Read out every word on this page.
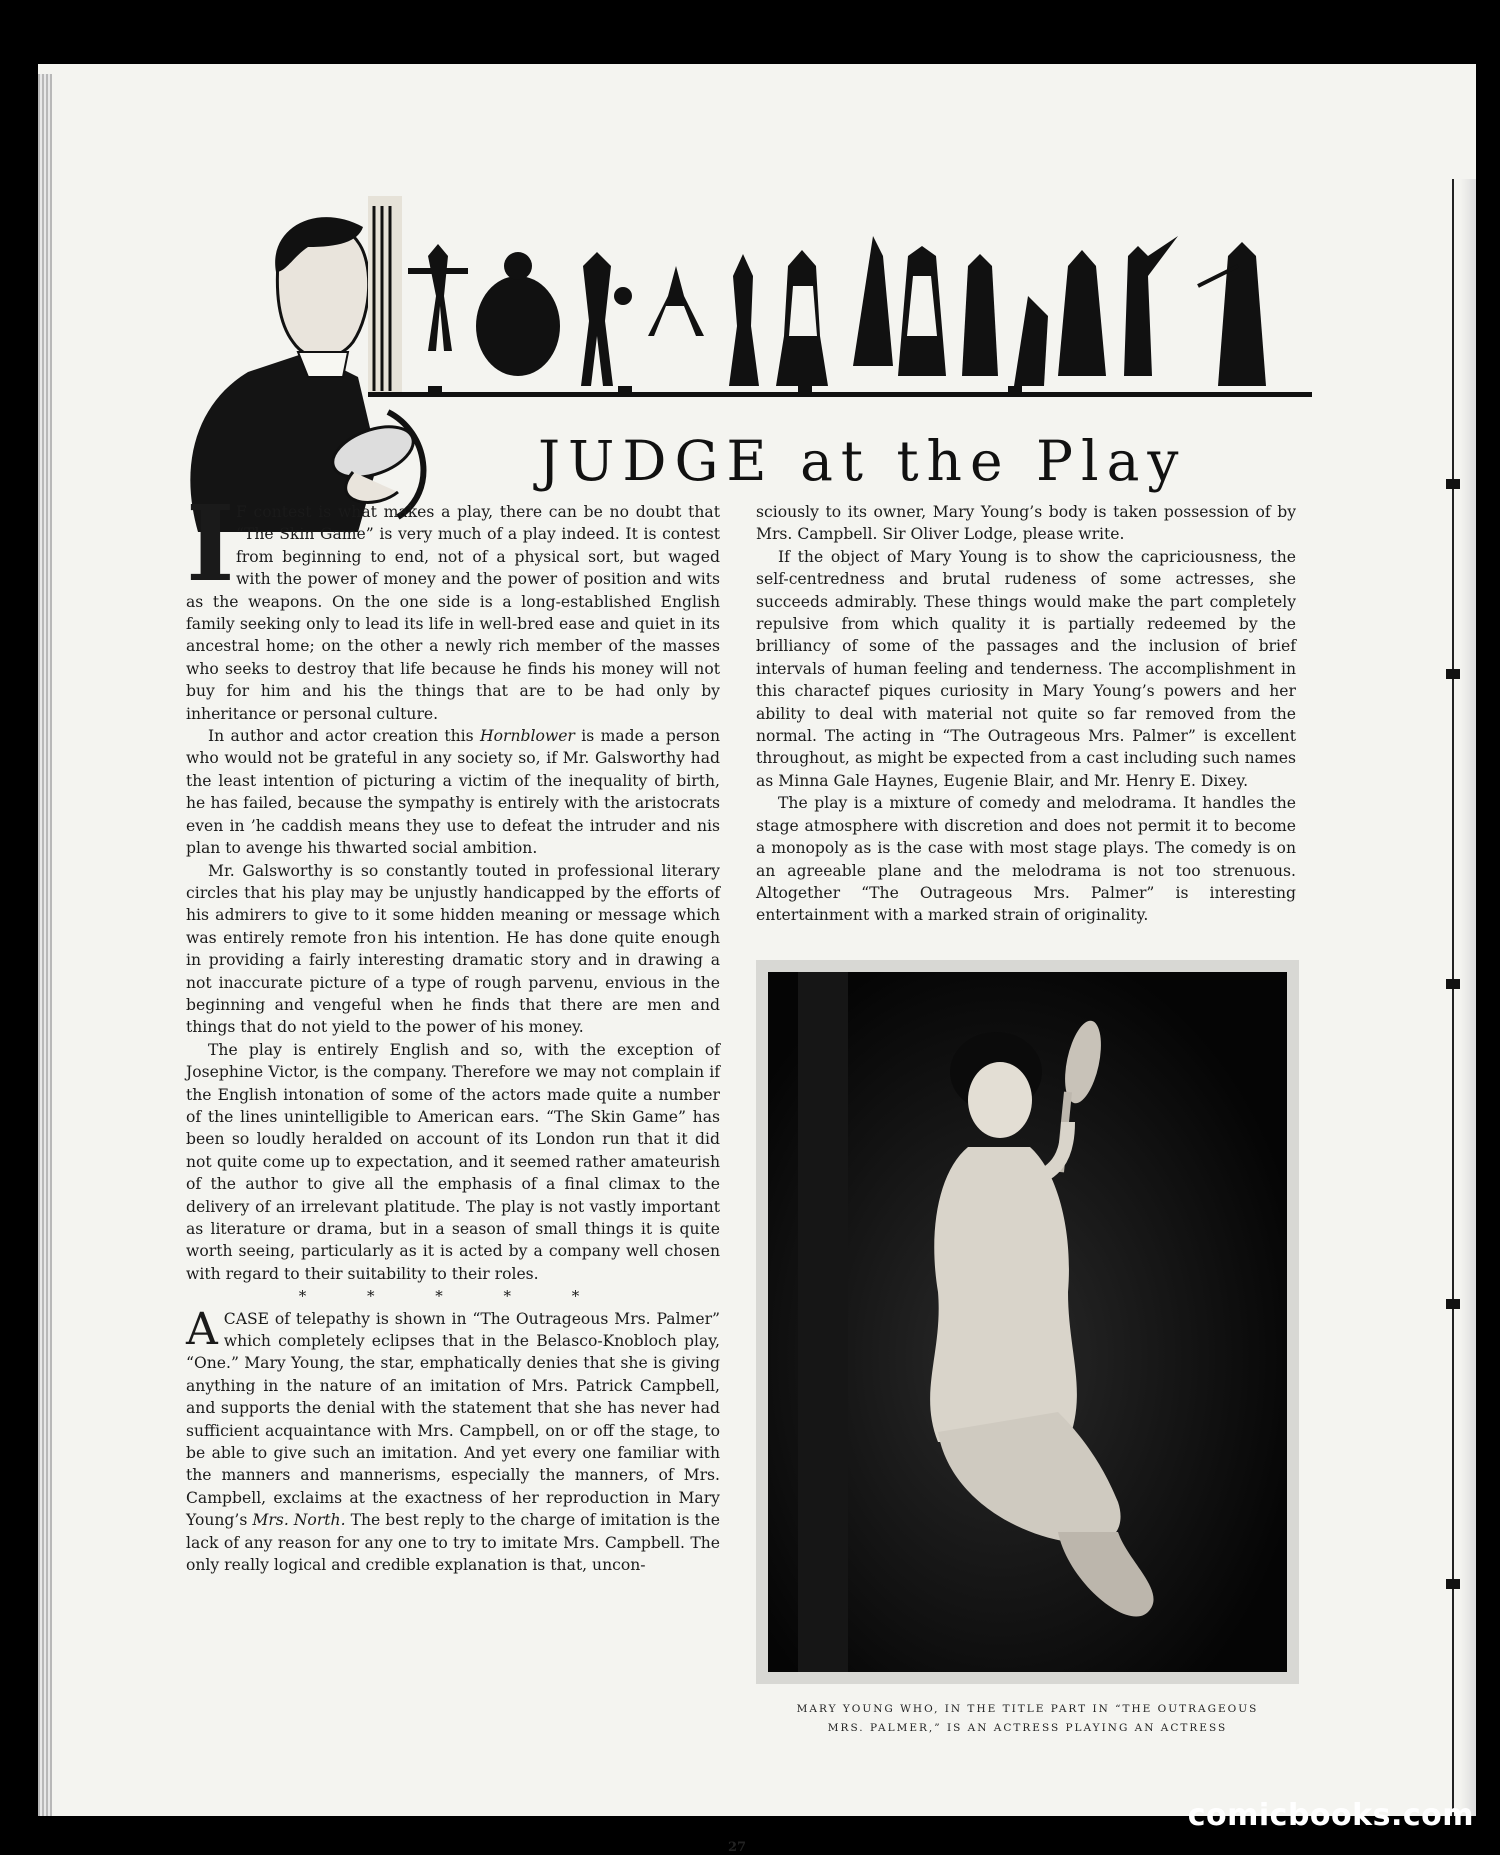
JUDGE at the Play

I F contest is what makes a play, there can be no doubt that “The Skin Game” is very much of a play indeed. It is contest from beginning to end, not of a physical sort, but waged with the power of money and the power of position and wits as the weapons. On the one side is a long-established English family seeking only to lead its life in well-bred ease and quiet in its ancestral home; on the other a newly rich member of the masses who seeks to destroy that life because he finds his money will not buy for him and his the things that are to be had only by inheritance or personal culture.

In author and actor creation this Hornblower is made a person who would not be grateful in any society so, if Mr. Galsworthy had the least intention of picturing a victim of the inequality of birth, he has failed, because the sympathy is entirely with the aristocrats even in ’he caddish means they use to defeat the intruder and nis plan to avenge his thwarted social ambition.

Mr. Galsworthy is so constantly touted in professional literary circles that his play may be unjustly handicapped by the efforts of his admirers to give to it some hidden meaning or message which was entirely remote fro n his intention. He has done quite enough in providing a fairly interesting dramatic story and in drawing a not inaccurate picture of a type of rough parvenu, envious in the beginning and vengeful when he finds that there are men and things that do not yield to the power of his money.

The play is entirely English and so, with the exception of Josephine Victor, is the company. Therefore we may not complain if the English intonation of some of the actors made quite a number of the lines unintelligible to American ears. “The Skin Game” has been so loudly heralded on account of its London run that it did not quite come up to expectation, and it seemed rather amateurish of the author to give all the emphasis of a final climax to the delivery of an irrelevant platitude. The play is not vastly important as literature or drama, but in a season of small things it is quite worth seeing, particularly as it is acted by a company well chosen with regard to their suitability to their roles.

* * * * *

A CASE of telepathy is shown in “The Outrageous Mrs. Palmer” which completely eclipses that in the Belasco-Knobloch play, “One.” Mary Young, the star, emphatically denies that she is giving anything in the nature of an imitation of Mrs. Patrick Campbell, and supports the denial with the statement that she has never had sufficient acquaintance with Mrs. Campbell, on or off the stage, to be able to give such an imitation. And yet every one familiar with the manners and mannerisms, especially the manners, of Mrs. Campbell, exclaims at the exactness of her reproduction in Mary Young’s Mrs. North. The best reply to the charge of imitation is the lack of any reason for any one to try to imitate Mrs. Campbell. The only really logical and credible explanation is that, uncon-

sciously to its owner, Mary Young’s body is taken possession of by Mrs. Campbell. Sir Oliver Lodge, please write.

If the object of Mary Young is to show the capriciousness, the self-centredness and brutal rudeness of some actresses, she succeeds admirably. These things would make the part completely repulsive from which quality it is partially redeemed by the brilliancy of some of the passages and the inclusion of brief intervals of human feeling and tenderness. The accomplishment in this charactef piques curiosity in Mary Young’s powers and her ability to deal with material not quite so far removed from the normal. The acting in “The Outrageous Mrs. Palmer” is excellent throughout, as might be expected from a cast including such names as Minna Gale Haynes, Eugenie Blair, and Mr. Henry E. Dixey.

The play is a mixture of comedy and melodrama. It handles the stage atmosphere with discretion and does not permit it to become a monopoly as is the case with most stage plays. The comedy is on an agreeable plane and the melodrama is not too strenuous. Altogether “The Outrageous Mrs. Palmer” is interesting entertainment with a marked strain of originality.

MARY YOUNG WHO, IN THE TITLE PART IN “THE OUTRAGEOUS
MRS. PALMER,” IS AN ACTRESS PLAYING AN ACTRESS
27
comicbooks.com
